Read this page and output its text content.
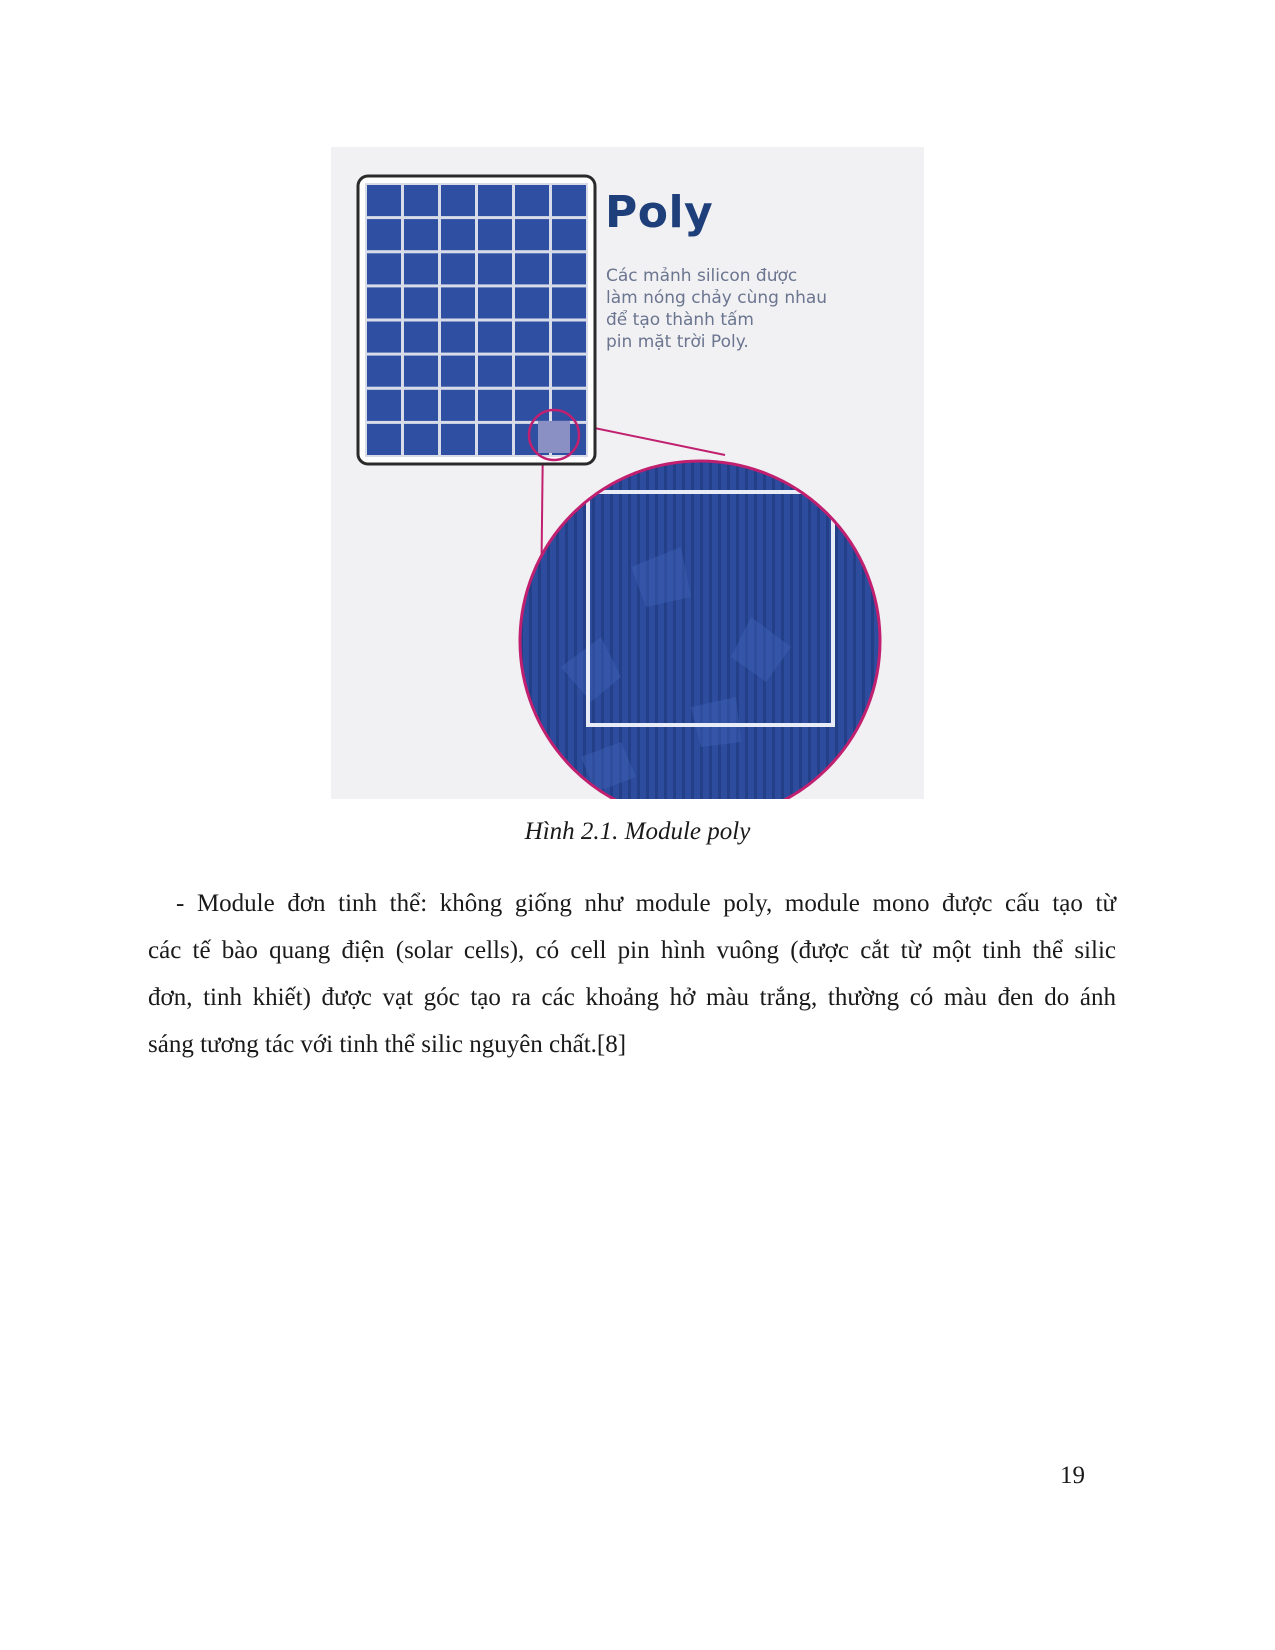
Poly
Các mảnh silicon được
làm nóng chảy cùng nhau
để tạo thành tấm
pin mặt trời Poly.
Hình 2.1. Module poly
- Module đơn tinh thể: không giống như module poly, module mono được cấu tạo từ
các tế bào quang điện (solar cells), có cell pin hình vuông (được cắt từ một tinh thể silic
đơn, tinh khiết) được vạt góc tạo ra các khoảng hở màu trắng, thường có màu đen do ánh
sáng tương tác với tinh thể silic nguyên chất.[8]
19
